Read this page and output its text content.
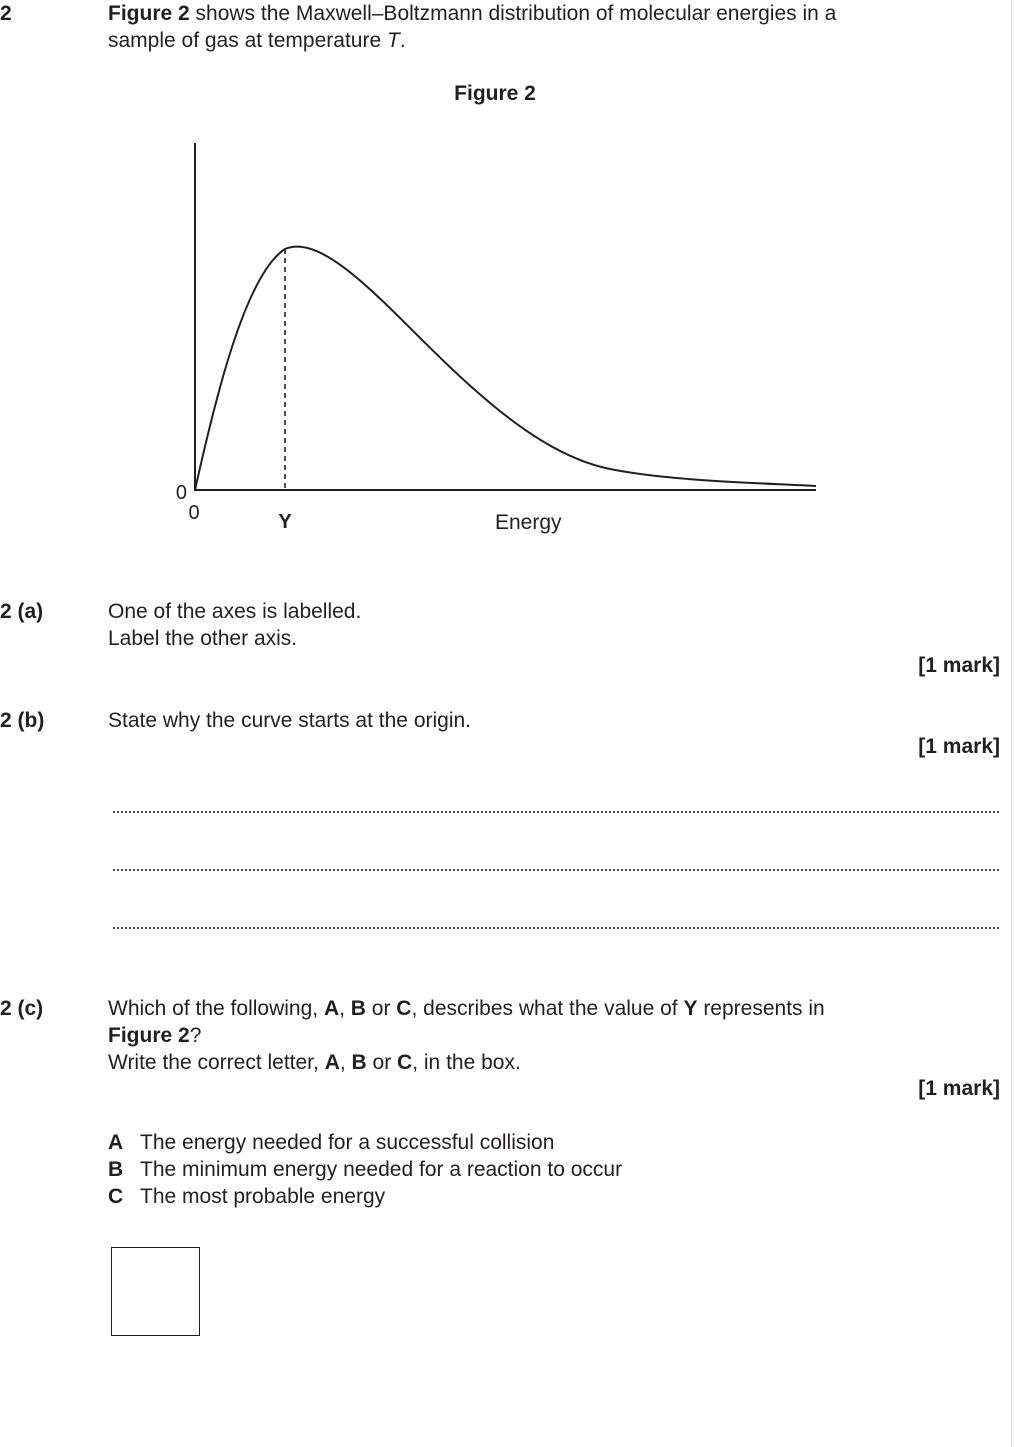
2	Figure 2 shows the Maxwell–Boltzmann distribution of molecular energies in a
sample of gas at temperature T.
Figure 2
0
0	Y	Energy
2 (a)	One of the axes is labelled.
Label the other axis.
[1 mark]
2 (b)	State why the curve starts at the origin.
[1 mark]
2 (c)	Which of the following, A, B or C, describes what the value of Y represents in
Figure 2?
Write the correct letter, A, B or C, in the box.
[1 mark]
A The energy needed for a successful collision
B The minimum energy needed for a reaction to occur
C The most probable energy
